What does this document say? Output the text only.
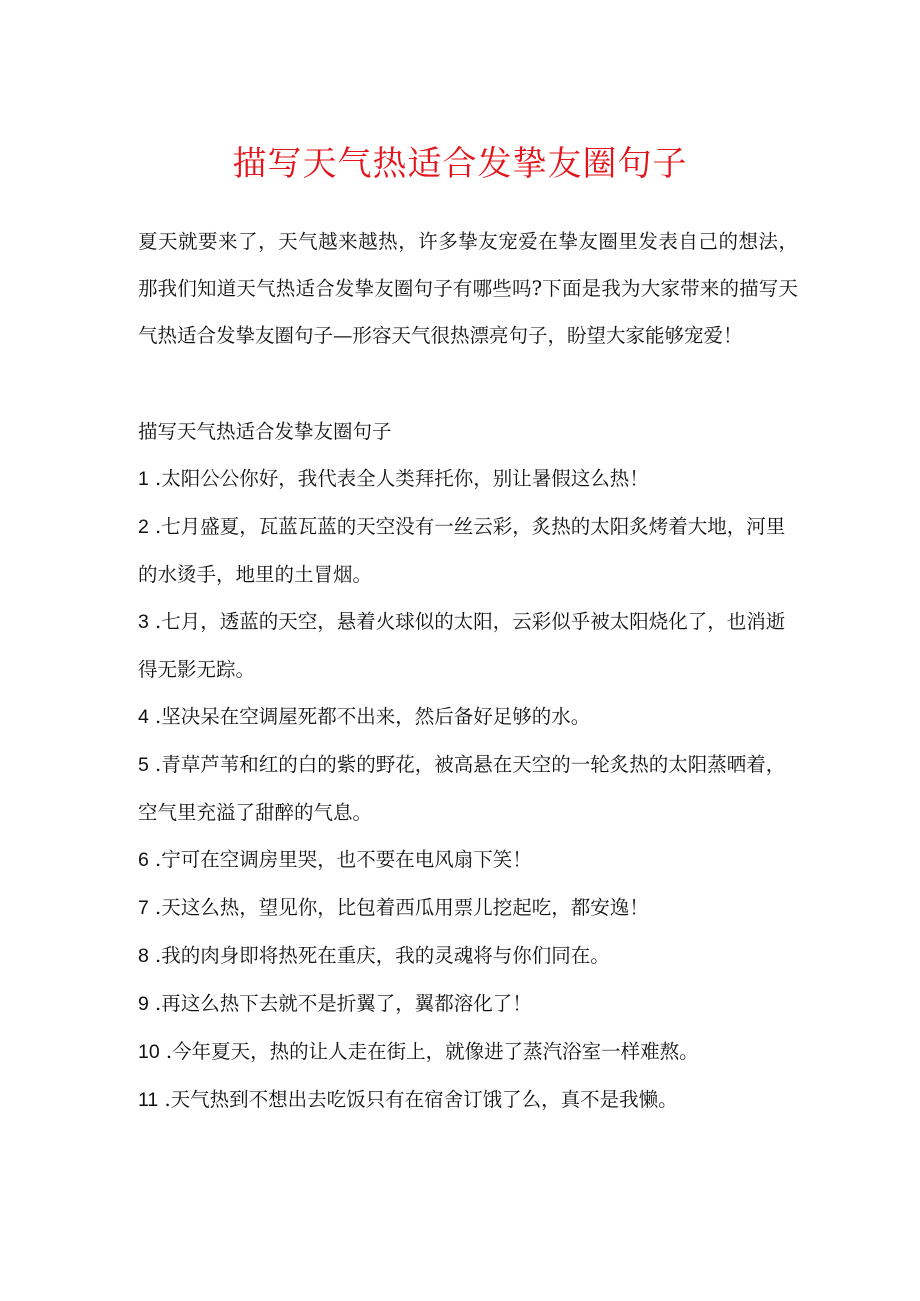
描写天气热适合发挚友圈句子

夏天就要来了，天气越来越热，许多挚友宠爱在挚友圈里发表自己的想法，那我们知道天气热适合发挚友圈句子有哪些吗?下面是我为大家带来的描写天气热适合发挚友圈句子—形容天气很热漂亮句子，盼望大家能够宠爱！

描写天气热适合发挚友圈句子

1 .太阳公公你好，我代表全人类拜托你，别让暑假这么热！
2 .七月盛夏，瓦蓝瓦蓝的天空没有一丝云彩，炙热的太阳炙烤着大地，河里的水烫手，地里的土冒烟。
3 .七月，透蓝的天空，悬着火球似的太阳，云彩似乎被太阳烧化了，也消逝得无影无踪。
4 .坚决呆在空调屋死都不出来，然后备好足够的水。
5 .青草芦苇和红的白的紫的野花，被高悬在天空的一轮炙热的太阳蒸晒着，空气里充溢了甜醉的气息。
6 .宁可在空调房里哭，也不要在电风扇下笑！
7 .天这么热，望见你，比包着西瓜用票儿挖起吃，都安逸！
8 .我的肉身即将热死在重庆，我的灵魂将与你们同在。
9 .再这么热下去就不是折翼了，翼都溶化了！
10 .今年夏天，热的让人走在街上，就像进了蒸汽浴室一样难熬。
11 .天气热到不想出去吃饭只有在宿舍订饿了么，真不是我懒。
